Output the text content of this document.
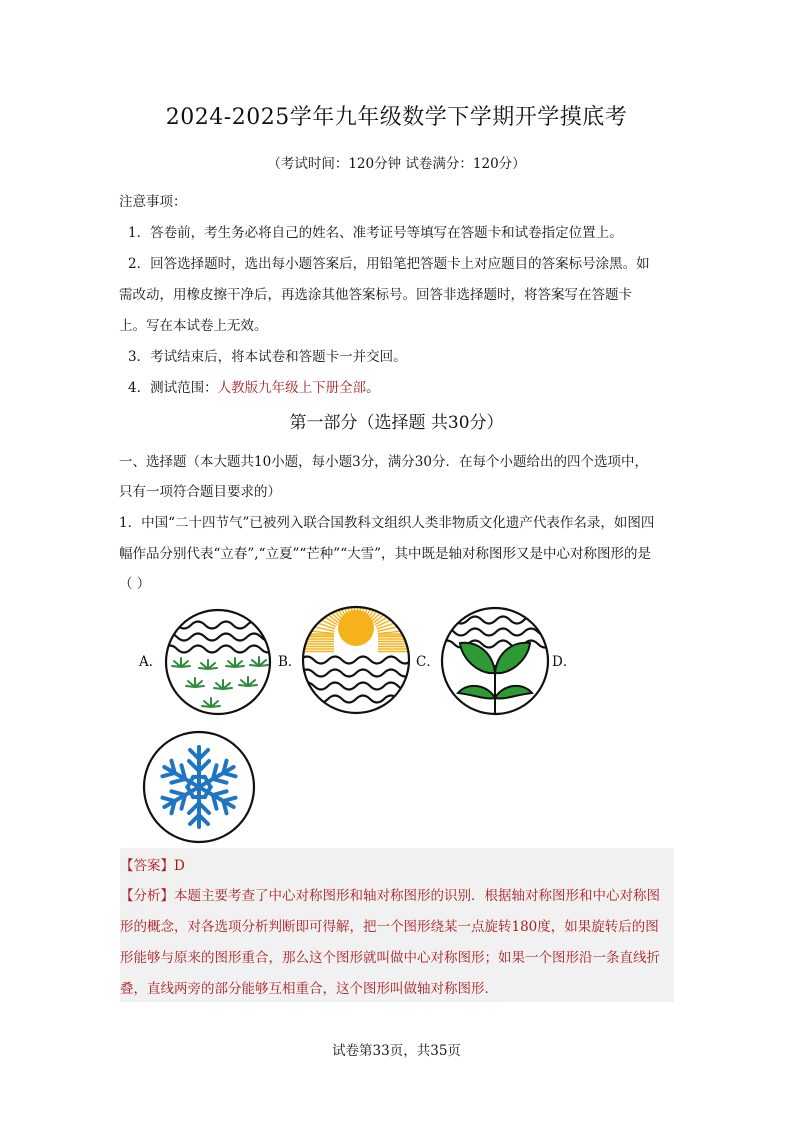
2024-2025学年九年级数学下学期开学摸底考
（考试时间：120分钟 试卷满分：120分）
注意事项：
1．答卷前，考生务必将自己的姓名、准考证号等填写在答题卡和试卷指定位置上。
2．回答选择题时，选出每小题答案后，用铅笔把答题卡上对应题目的答案标号涂黑。如
需改动，用橡皮擦干净后，再选涂其他答案标号。回答非选择题时，将答案写在答题卡
上。写在本试卷上无效。
3．考试结束后，将本试卷和答题卡一并交回。
4．测试范围：人教版九年级上下册全部。
第一部分（选择题 共30分）
一、选择题（本大题共10小题，每小题3分，满分30分．在每个小题给出的四个选项中，
只有一项符合题目要求的）
1．中国“二十四节气”已被列入联合国教科文组织人类非物质文化遗产代表作名录，如图四
幅作品分别代表“立春”,“立夏”“芒种”“大雪”，其中既是轴对称图形又是中心对称图形的是
（ ）
A．	B．	C．	D．
【答案】D
【分析】本题主要考查了中心对称图形和轴对称图形的识别．根据轴对称图形和中心对称图
形的概念，对各选项分析判断即可得解，把一个图形绕某一点旋转180度，如果旋转后的图
形能够与原来的图形重合，那么这个图形就叫做中心对称图形；如果一个图形沿一条直线折
叠，直线两旁的部分能够互相重合，这个图形叫做轴对称图形．
试卷第33页，共35页
